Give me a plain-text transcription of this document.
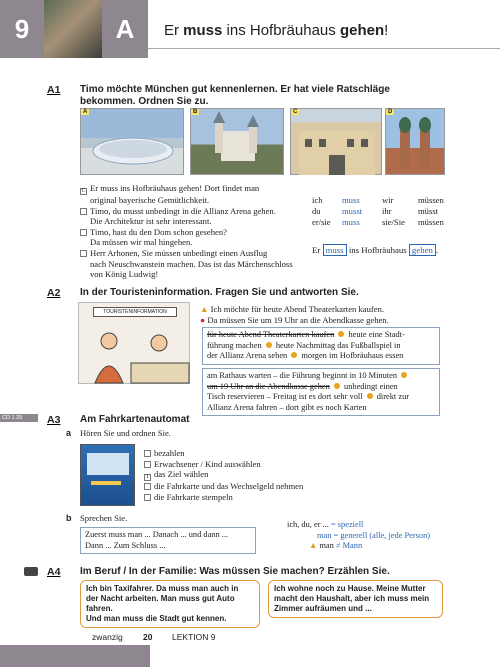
9	A	Er muss ins Hofbräuhaus gehen!
A1 Timo möchte München gut kennenlernen. Er hat viele Ratschläge bekommen. Ordnen Sie zu.
A	B	C	D
C Er muss ins Hofbräuhaus gehen! Dort findet man
original bayerische Gemütlichkeit.
Timo, du musst unbedingt in die Allianz Arena gehen.
Die Architektur ist sehr interessant.
Timo, hast du den Dom schon gesehen?
Da müssen wir mal hingehen.
Herr Arhonen, Sie müssen unbedingt einen Ausflug
nach Neuschwanstein machen. Das ist das Märchenschloss
von König Ludwig!
ich	muss	wir	müssen
du	musst	ihr	müsst
er/sie	muss	sie/Sie	müssen
Er muss ins Hofbräuhaus gehen .
A2 In der Touristeninformation. Fragen Sie und antworten Sie.
TOURISTENINFORMATION	▲ Ich möchte für heute Abend Theaterkarten kaufen.
● Da müssen Sie um 19 Uhr an die Abendkasse gehen.
für heute Abend Theaterkarten kaufen heute eine Stadt-
führung machen heute Nachmittag das Fußballspiel in
der Allianz Arena sehen morgen im Hofbräuhaus essen
am Rathaus warten – die Führung beginnt in 10 Minuten
um 19 Uhr an die Abendkasse gehen unbedingt einen
Tisch reservieren – Freitag ist es dort sehr voll direkt zur
Allianz Arena fahren – dort gibt es noch Karten
CD 1 29	A3 Am Fahrkartenautomat
a Hören Sie und ordnen Sie.
bezahlen
Erwachsener / Kind auswählen
1 das Ziel wählen
die Fahrkarte und das Wechselgeld nehmen
die Fahrkarte stempeln
b Sprechen Sie.
Zuerst muss man ... Danach ... und dann ...
Dann ... Zum Schluss ...
ich, du, er ... = speziell
man = generell (alle, jede Person)
▲ man ≠ Mann
A4 Im Beruf / In der Familie: Was müssen Sie machen? Erzählen Sie.
Ich bin Taxifahrer. Da muss man auch in
der Nacht arbeiten. Man muss gut Auto fahren.
Und man muss die Stadt gut kennen.
Ich wohne noch zu Hause. Meine Mutter
macht den Haushalt, aber ich muss mein
Zimmer aufräumen und ...
zwanzig 20 LEKTION 9
